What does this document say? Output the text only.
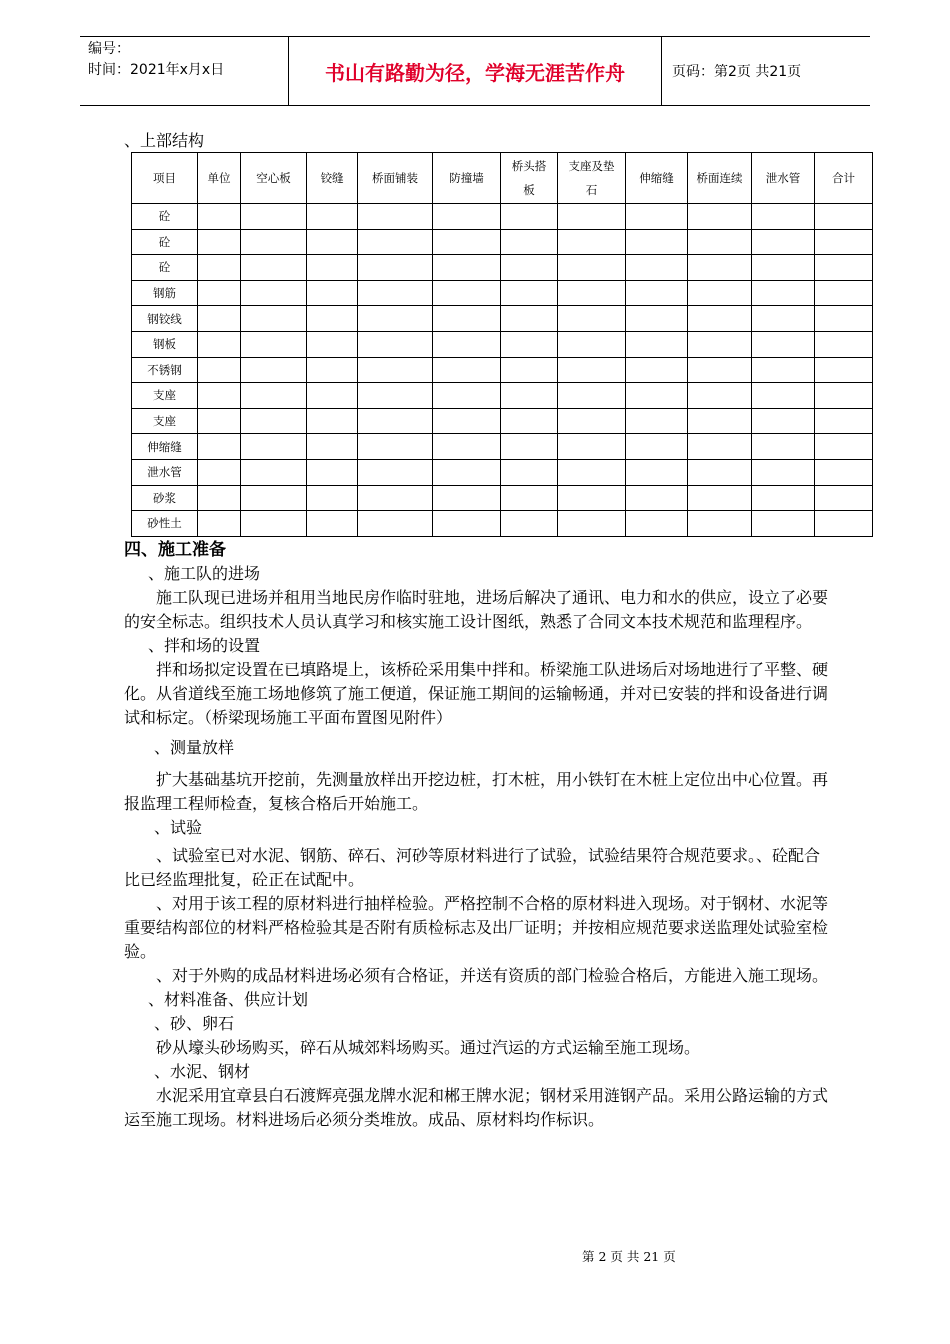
编号：
时间：2021年x月x日	书山有路勤为径，学海无涯苦作舟	页码：第2页 共21页
、上部结构
项目	单位	空心板	铰缝	桥面铺装	防撞墙	桥头搭板	支座及垫石	伸缩缝	桥面连续	泄水管	合计
砼											
砼											
砼											
钢筋											
钢铰线											
钢板											
不锈钢											
支座											
支座											
伸缩缝											
泄水管											
砂浆											
砂性土											

四、施工准备

、施工队的进场

施工队现已进场并租用当地民房作临时驻地，进场后解决了通讯、电力和水的供应，设立了必要的安全标志。组织技术人员认真学习和核实施工设计图纸，熟悉了合同文本技术规范和监理程序。

、拌和场的设置

拌和场拟定设置在已填路堤上，该桥砼采用集中拌和。桥梁施工队进场后对场地进行了平整、硬化。从省道线至施工场地修筑了施工便道，保证施工期间的运输畅通，并对已安装的拌和设备进行调试和标定。（桥梁现场施工平面布置图见附件）

、测量放样

扩大基础基坑开挖前，先测量放样出开挖边桩，打木桩，用小铁钉在木桩上定位出中心位置。再报监理工程师检查，复核合格后开始施工。

、试验

、试验室已对水泥、钢筋、碎石、河砂等原材料进行了试验，试验结果符合规范要求。、砼配合比已经监理批复，砼正在试配中。

、对用于该工程的原材料进行抽样检验。严格控制不合格的原材料进入现场。对于钢材、水泥等重要结构部位的材料严格检验其是否附有质检标志及出厂证明；并按相应规范要求送监理处试验室检验。

、对于外购的成品材料进场必须有合格证，并送有资质的部门检验合格后，方能进入施工现场。

、材料准备、供应计划

、砂、卵石

砂从壕头砂场购买，碎石从城郊料场购买。通过汽运的方式运输至施工现场。

、水泥、钢材

水泥采用宜章县白石渡辉亮强龙牌水泥和郴王牌水泥；钢材采用涟钢产品。采用公路运输的方式运至施工现场。材料进场后必须分类堆放。成品、原材料均作标识。

第 2 页 共 21 页
